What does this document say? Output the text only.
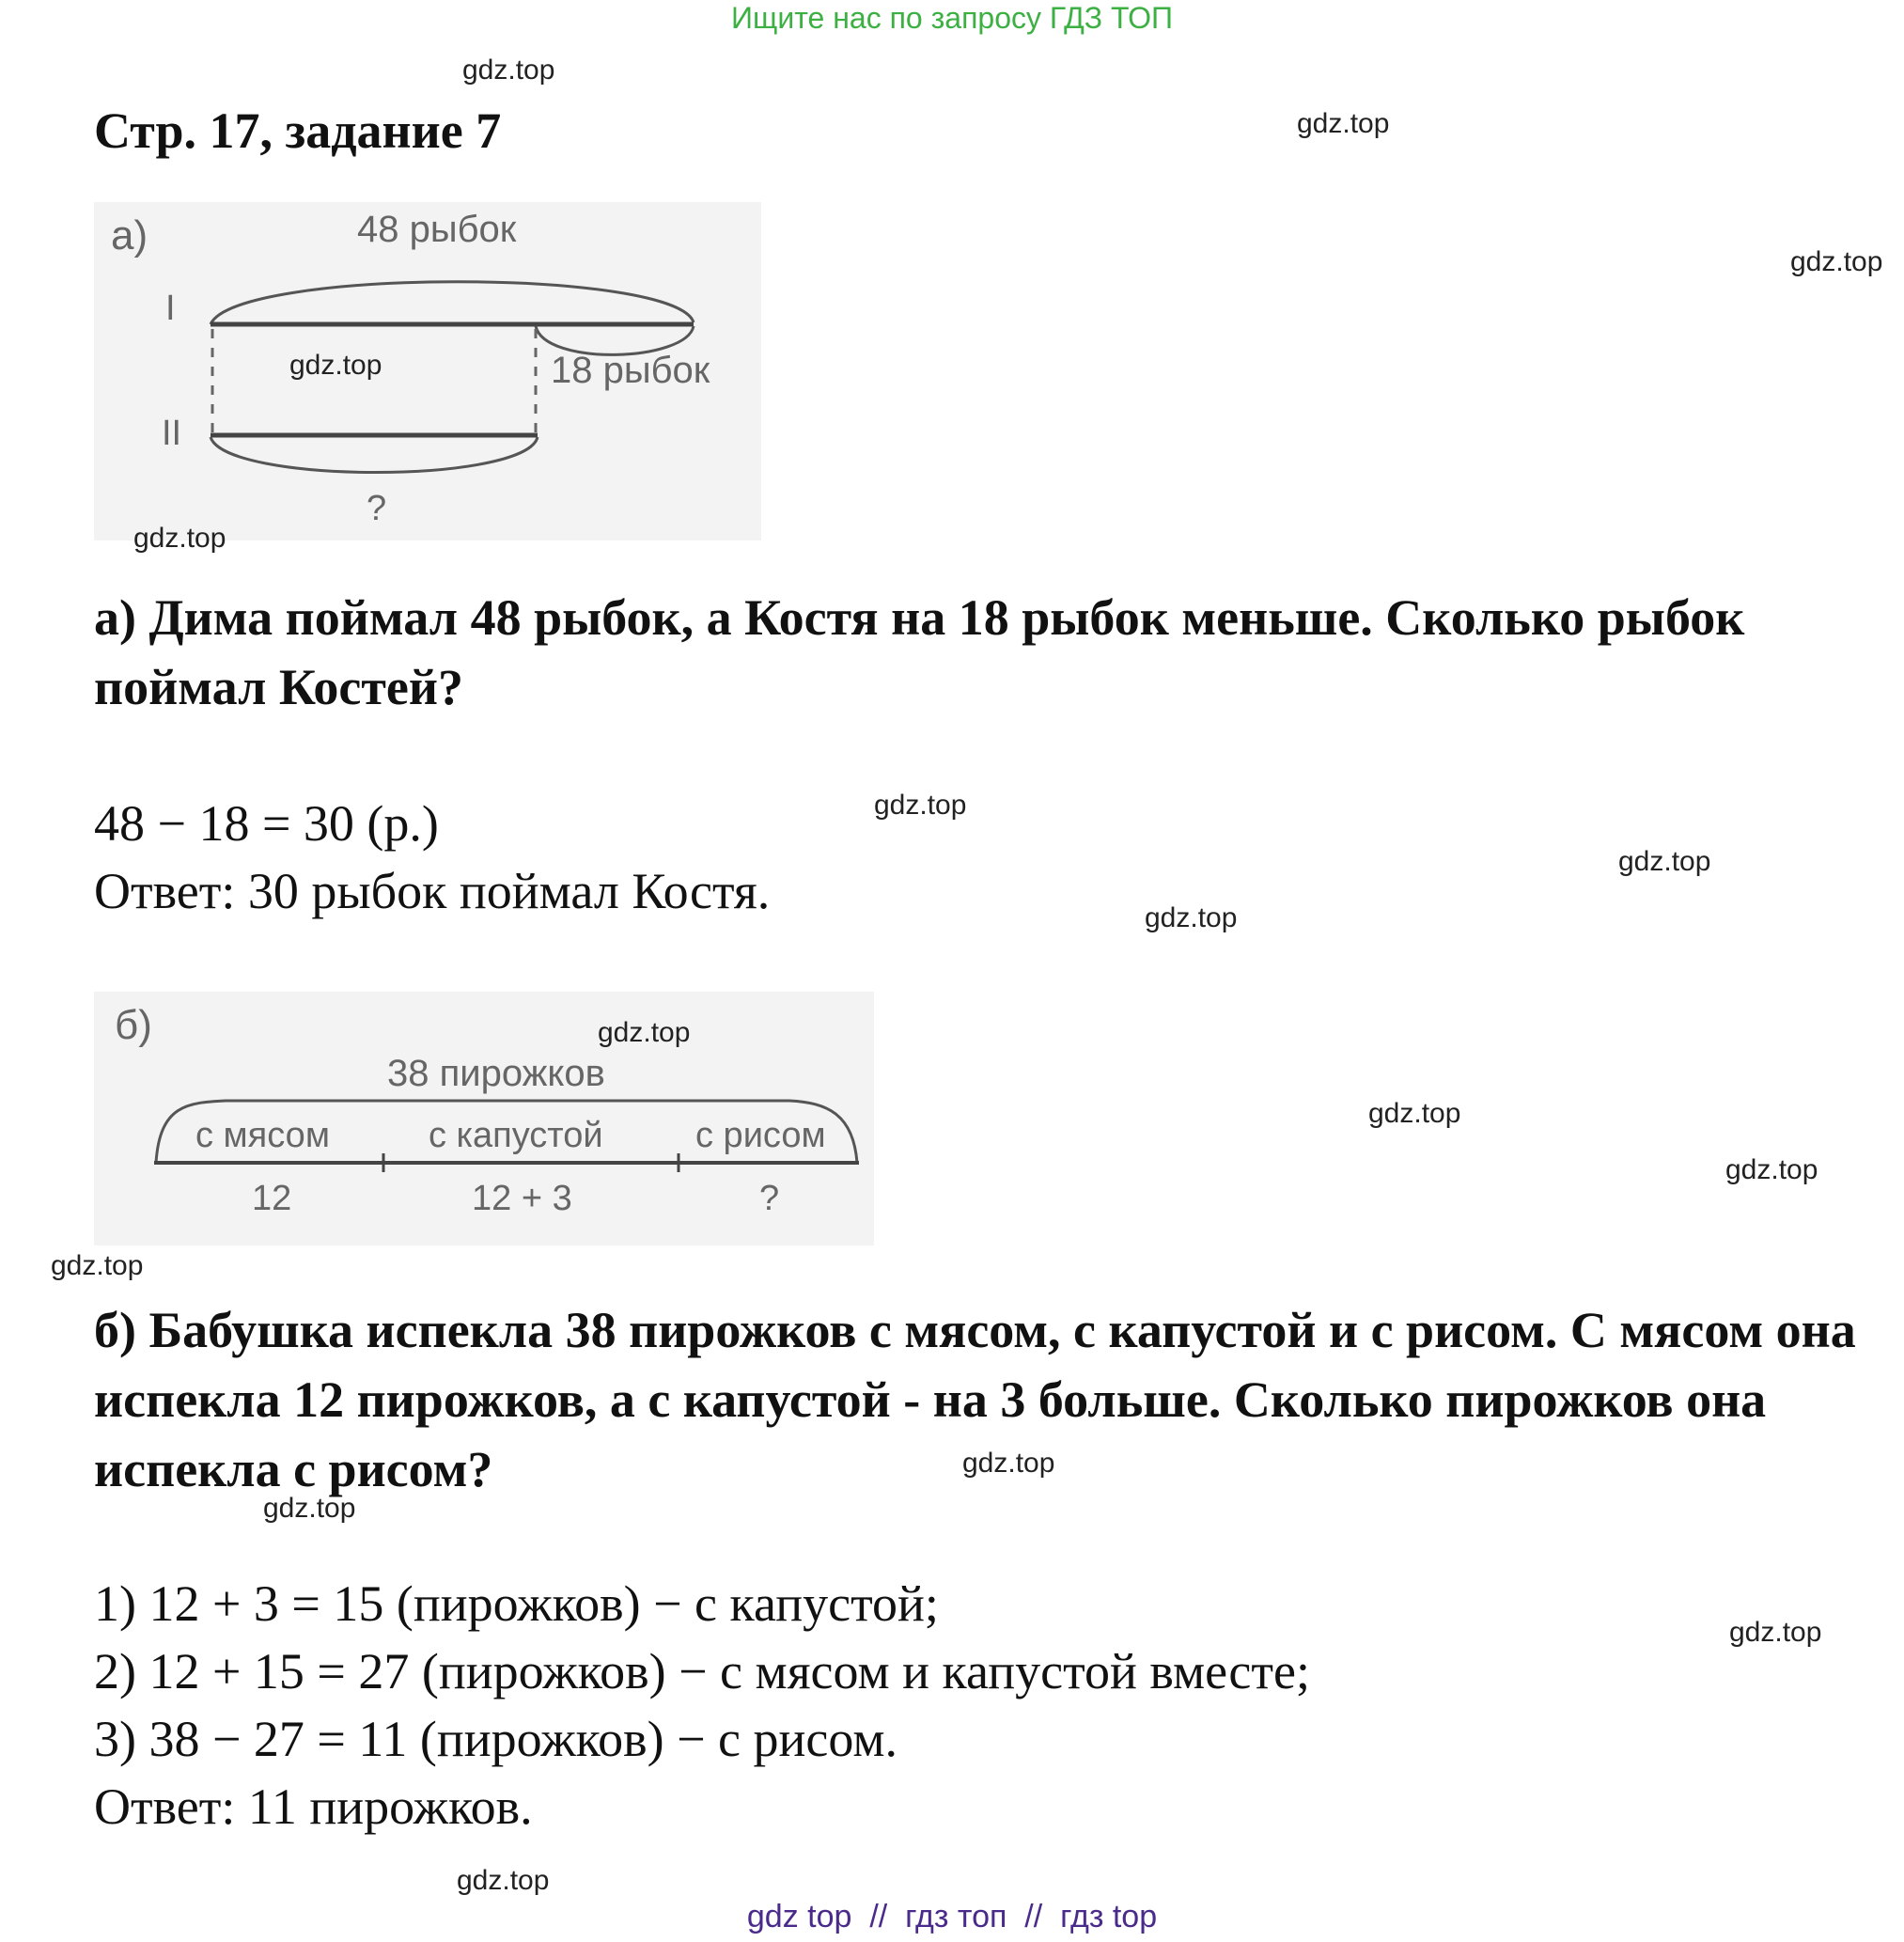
Ищите нас по запросу ГДЗ ТОП
Стр. 17, задание 7
а)	48 рыбок
I
II
18 рыбок
?
а) Дима поймал 48 рыбок, а Костя на 18 рыбок меньше. Сколько рыбок поймал Костей?
48 − 18 = 30 (р.)
Ответ: 30 рыбок поймал Костя.
б)
38 пирожков
с мясом	с капустой	с рисом
12	12 + 3	?
б) Бабушка испекла 38 пирожков с мясом, с капустой и с рисом. С мясом она испекла 12 пирожков, а с капустой - на 3 больше. Сколько пирожков она испекла с рисом?
1) 12 + 3 = 15 (пирожков) − с капустой;
2) 12 + 15 = 27 (пирожков) − с мясом и капустой вместе;
3) 38 − 27 = 11 (пирожков) − с рисом.
Ответ: 11 пирожков.
gdz.top
gdz.top
gdz.top
gdz.top
gdz.top
gdz.top
gdz.top
gdz.top
gdz.top
gdz.top
gdz.top
gdz.top
gdz.top
gdz.top
gdz.top
gdz.top
gdz top // гдз топ // гдз top
